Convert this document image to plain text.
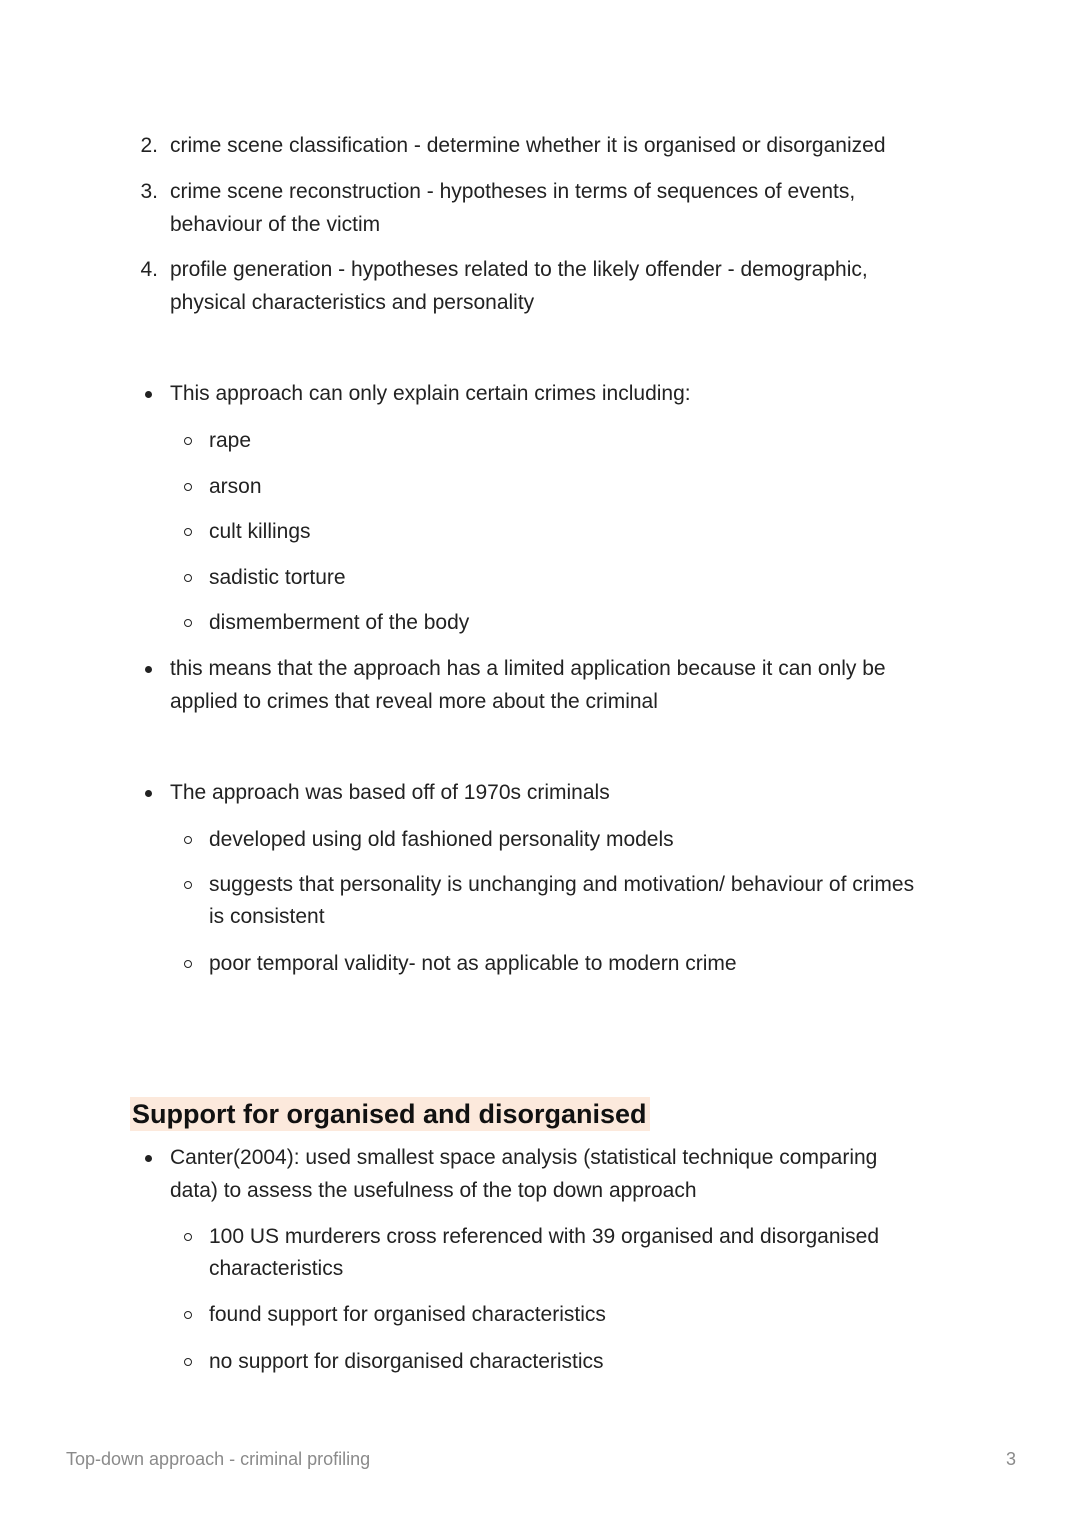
2. crime scene classification - determine whether it is organised or disorganized
3. crime scene reconstruction - hypotheses in terms of sequences of events,
behaviour of the victim
4. profile generation - hypotheses related to the likely offender - demographic,
physical characteristics and personality
This approach can only explain certain crimes including:
rape
arson
cult killings
sadistic torture
dismemberment of the body
this means that the approach has a limited application because it can only be
applied to crimes that reveal more about the criminal
The approach was based off of 1970s criminals
developed using old fashioned personality models
suggests that personality is unchanging and motivation/ behaviour of crimes
is consistent
poor temporal validity- not as applicable to modern crime
Support for organised and disorganised
Canter(2004): used smallest space analysis (statistical technique comparing
data) to assess the usefulness of the top down approach
100 US murderers cross referenced with 39 organised and disorganised
characteristics
found support for organised characteristics
no support for disorganised characteristics
Top-down approach - criminal profiling	3
